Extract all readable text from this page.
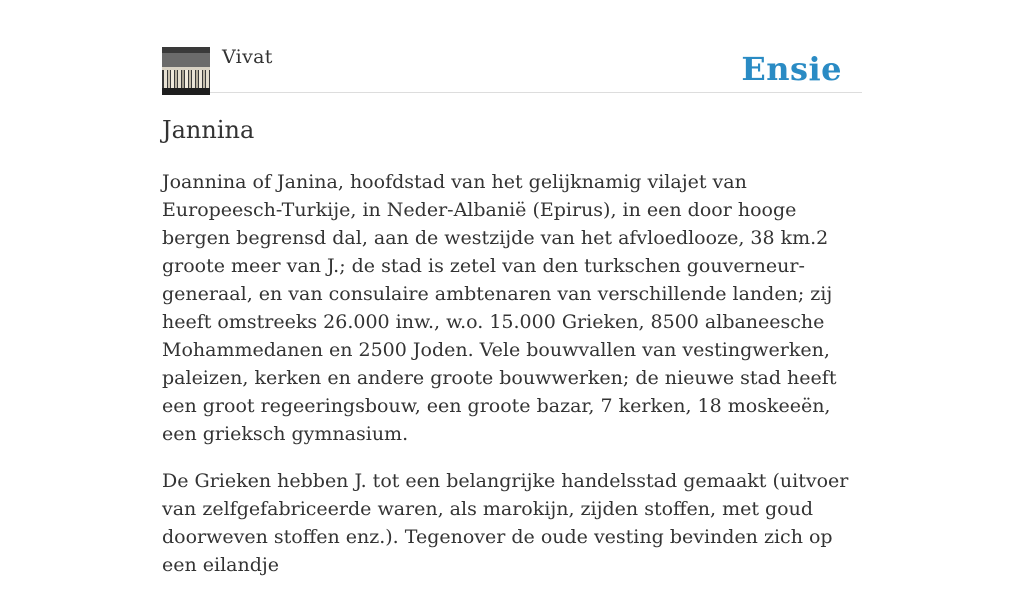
Vivat	Ensie
Jannina

Joannina of Janina, hoofdstad van het gelijknamig vilajet van Europeesch-Turkije, in Neder-Albanië (Epirus), in een door hooge bergen begrensd dal, aan de westzijde van het afvloedlooze, 38 km.2 groote meer van J.; de stad is zetel van den turkschen gouverneur-generaal, en van consulaire ambtenaren van verschillende landen; zij heeft omstreeks 26.000 inw., w.o. 15.000 Grieken, 8500 albaneesche Mohammedanen en 2500 Joden. Vele bouwvallen van vestingwerken, paleizen, kerken en andere groote bouwwerken; de nieuwe stad heeft een groot regeeringsbouw, een groote bazar, 7 kerken, 18 moskeeën, een grieksch gymnasium.

De Grieken hebben J. tot een belangrijke handelsstad gemaakt (uitvoer van zelfgefabriceerde waren, als marokijn, zijden stoffen, met goud doorweven stoffen enz.). Tegenover de oude vesting bevinden zich op een eilandje
